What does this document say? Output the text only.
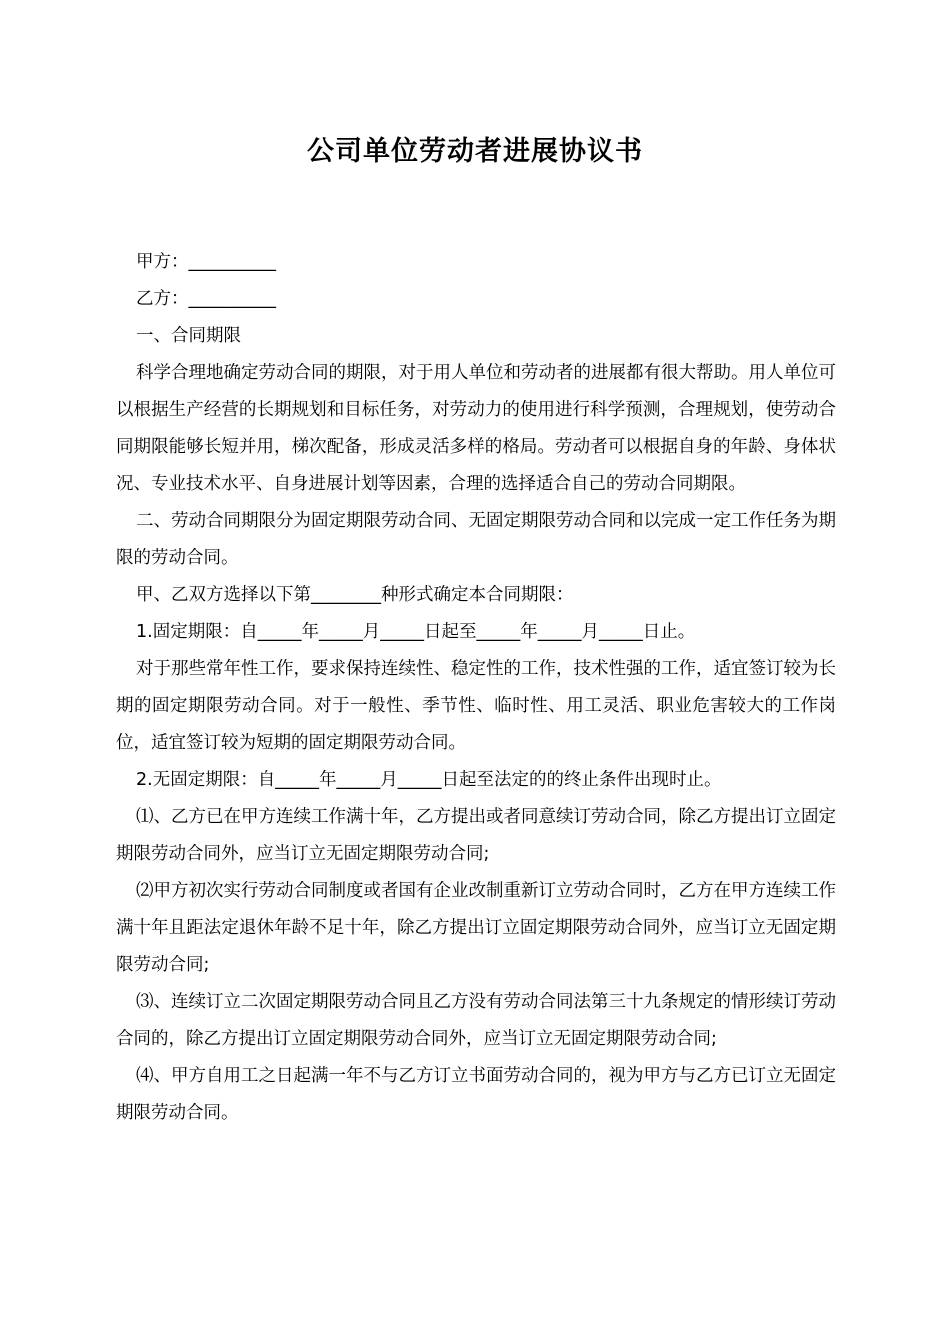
公司单位劳动者进展协议书

甲方：__________

乙方：__________

一、合同期限

科学合理地确定劳动合同的期限，对于用人单位和劳动者的进展都有很大帮助。用人单位可以根据生产经营的长期规划和目标任务，对劳动力的使用进行科学预测，合理规划，使劳动合同期限能够长短并用，梯次配备，形成灵活多样的格局。劳动者可以根据自身的年龄、身体状况、专业技术水平、自身进展计划等因素，合理的选择适合自己的劳动合同期限。

二、劳动合同期限分为固定期限劳动合同、无固定期限劳动合同和以完成一定工作任务为期限的劳动合同。

甲、乙双方选择以下第________种形式确定本合同期限：

1.固定期限：自_____年_____月_____日起至_____年_____月_____日止。

对于那些常年性工作，要求保持连续性、稳定性的工作，技术性强的工作，适宜签订较为长期的固定期限劳动合同。对于一般性、季节性、临时性、用工灵活、职业危害较大的工作岗位，适宜签订较为短期的固定期限劳动合同。

2.无固定期限：自_____年_____月_____日起至法定的的终止条件出现时止。

⑴、乙方已在甲方连续工作满十年，乙方提出或者同意续订劳动合同，除乙方提出订立固定期限劳动合同外，应当订立无固定期限劳动合同;

⑵甲方初次实行劳动合同制度或者国有企业改制重新订立劳动合同时，乙方在甲方连续工作满十年且距法定退休年龄不足十年，除乙方提出订立固定期限劳动合同外，应当订立无固定期限劳动合同;

⑶、连续订立二次固定期限劳动合同且乙方没有劳动合同法第三十九条规定的情形续订劳动合同的，除乙方提出订立固定期限劳动合同外，应当订立无固定期限劳动合同;

⑷、甲方自用工之日起满一年不与乙方订立书面劳动合同的，视为甲方与乙方已订立无固定期限劳动合同。
